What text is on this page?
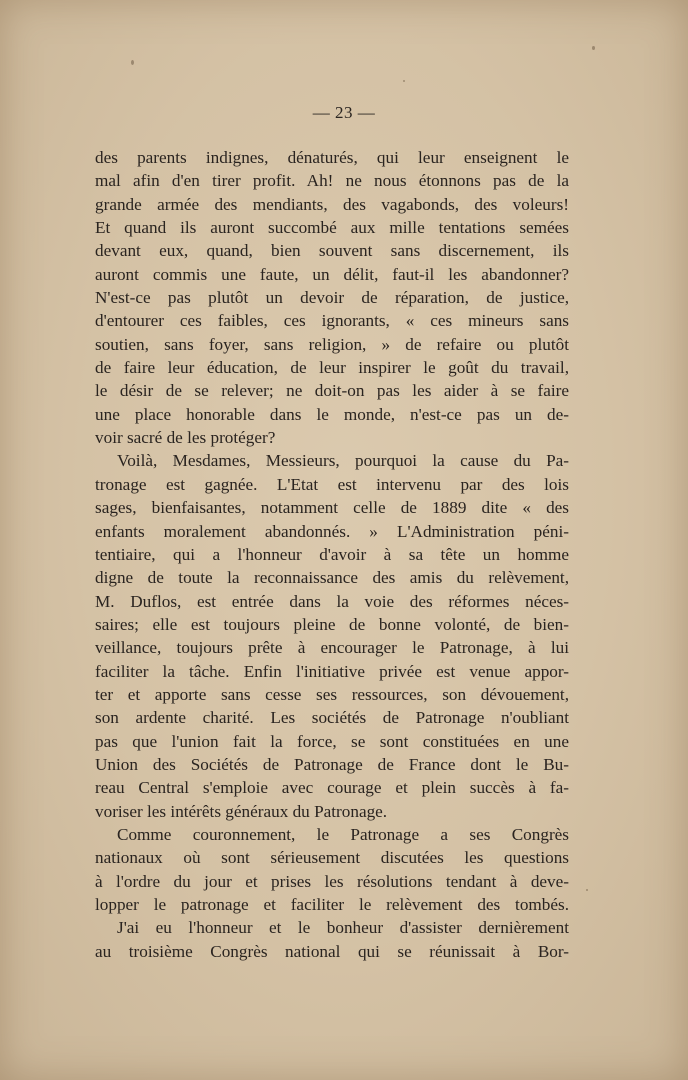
— 23 —
des parents indignes, dénaturés, qui leur enseignent le
mal afin d'en tirer profit. Ah! ne nous étonnons pas de la
grande armée des mendiants, des vagabonds, des voleurs!
Et quand ils auront succombé aux mille tentations semées
devant eux, quand, bien souvent sans discernement, ils
auront commis une faute, un délit, faut-il les abandonner?
N'est-ce pas plutôt un devoir de réparation, de justice,
d'entourer ces faibles, ces ignorants, « ces mineurs sans
soutien, sans foyer, sans religion, » de refaire ou plutôt
de faire leur éducation, de leur inspirer le goût du travail,
le désir de se relever; ne doit-on pas les aider à se faire
une place honorable dans le monde, n'est-ce pas un de-
voir sacré de les protéger?
Voilà, Mesdames, Messieurs, pourquoi la cause du Pa-
tronage est gagnée. L'Etat est intervenu par des lois
sages, bienfaisantes, notamment celle de 1889 dite « des
enfants moralement abandonnés. » L'Administration péni-
tentiaire, qui a l'honneur d'avoir à sa tête un homme
digne de toute la reconnaissance des amis du relèvement,
M. Duflos, est entrée dans la voie des réformes néces-
saires; elle est toujours pleine de bonne volonté, de bien-
veillance, toujours prête à encourager le Patronage, à lui
faciliter la tâche. Enfin l'initiative privée est venue appor-
ter et apporte sans cesse ses ressources, son dévouement,
son ardente charité. Les sociétés de Patronage n'oubliant
pas que l'union fait la force, se sont constituées en une
Union des Sociétés de Patronage de France dont le Bu-
reau Central s'emploie avec courage et plein succès à fa-
voriser les intérêts généraux du Patronage.
Comme couronnement, le Patronage a ses Congrès
nationaux où sont sérieusement discutées les questions
à l'ordre du jour et prises les résolutions tendant à deve-
lopper le patronage et faciliter le relèvement des tombés.
J'ai eu l'honneur et le bonheur d'assister dernièrement
au troisième Congrès national qui se réunissait à Bor-
